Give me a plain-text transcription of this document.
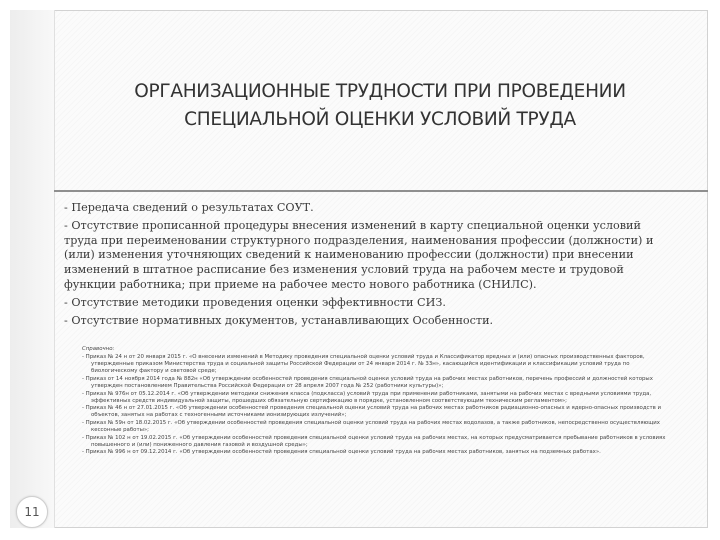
ОРГАНИЗАЦИОННЫЕ ТРУДНОСТИ ПРИ ПРОВЕДЕНИИ СПЕЦИАЛЬНОЙ ОЦЕНКИ УСЛОВИЙ ТРУДА
- Передача сведений о результатах СОУТ.
- Отсутствие прописанной процедуры внесения изменений в карту специальной оценки условий труда при переименовании структурного подразделения, наименования профессии (должности) и (или) изменения уточняющих сведений к наименованию профессии (должности) при внесении изменений в штатное расписание без изменения условий труда на рабочем месте и трудовой функции работника; при приеме на рабочее место нового работника (СНИЛС).
- Отсутствие методики проведения оценки эффективности СИЗ.
- Отсутствие нормативных документов, устанавливающих Особенности.
Справочно:
- Приказ № 24 н от 20 января 2015 г. «О внесении изменений в Методику проведения специальной оценки условий труда и Классификатор вредных и (или) опасных производственных факторов, утвержденные приказом Министерства труда и социальной защиты Российской Федерации от 24 января 2014 г. № 33н», касающийся идентификации и классификации условий труда по биологическому фактору и световой среде;
- Приказ от 14 ноября 2014 года № 882н «Об утверждении особенностей проведения специальной оценки условий труда на рабочих местах работников, перечень профессий и должностей которых утвержден постановлением Правительства Российской Федерации от 28 апреля 2007 года № 252 (работники культуры)»;
- Приказ № 976н от 05.12.2014 г. «Об утверждении методики снижения класса (подкласса) условий труда при применении работниками, занятыми на рабочих местах с вредными условиями труда, эффективных средств индивидуальной защиты, прошедших обязательную сертификацию в порядке, установленном соответствующим техническим регламентом»;
- Приказ № 46 н от 27.01.2015 г. «Об утверждении особенностей проведения специальной оценки условий труда на рабочих местах работников радиационно-опасных и ядерно-опасных производств и объектов, занятых на работах с техногенными источниками ионизирующих излучений»;
- Приказ № 59н от 18.02.2015 г. «Об утверждении особенностей проведения специальной оценки условий труда на рабочих местах водолазов, а также работников, непосредственно осуществляющих кессонные работы»;
- Приказ № 102 н от 19.02.2015 г. «Об утверждении особенностей проведения специальной оценки условий труда на рабочих местах, на которых предусматривается пребывание работников в условиях повышенного и (или) пониженного давления газовой и воздушной среды»;
- Приказ № 996 н от 09.12.2014 г. «Об утверждении особенностей проведения специальной оценки условий труда на рабочих местах работников, занятых на подземных работах».
11
